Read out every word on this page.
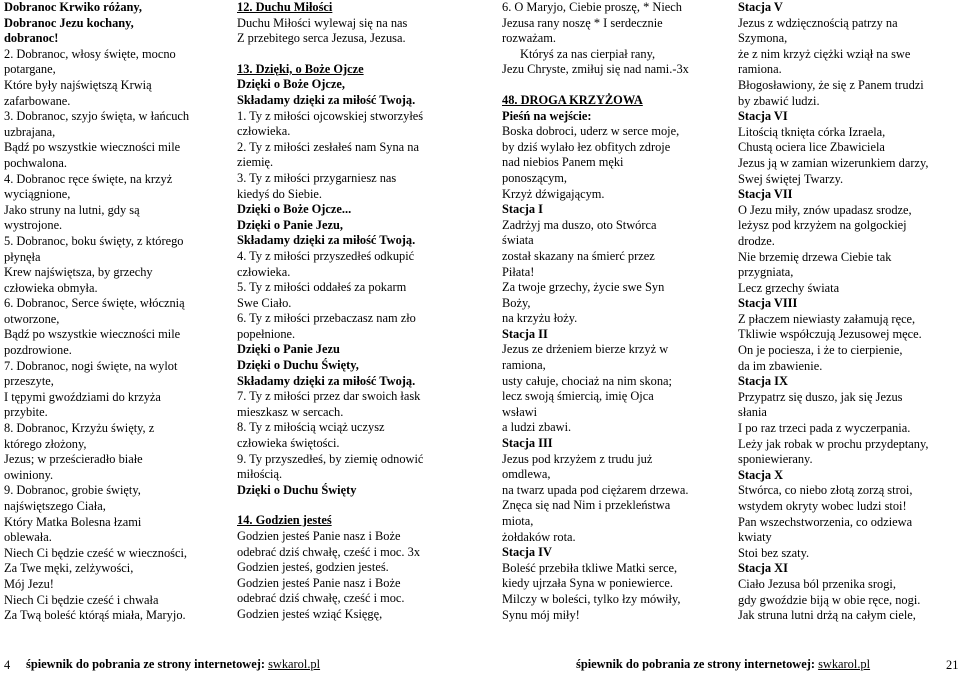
Dobranoc Krwiko różany,
Dobranoc Jezu kochany,
dobranoc!
2. Dobranoc, włosy święte, mocno
potargane,
Które były najświętszą Krwią
zafarbowane.
3. Dobranoc, szyjo święta, w łańcuch
uzbrajana,
Bądź po wszystkie wieczności mile
pochwalona.
4. Dobranoc ręce święte, na krzyż
wyciągnione,
Jako struny na lutni, gdy są
wystrojone.
5. Dobranoc, boku święty, z którego
płynęła
Krew najświętsza, by grzechy
człowieka obmyła.
6. Dobranoc, Serce święte, włócznią
otworzone,
Bądź po wszystkie wieczności mile
pozdrowione.
7. Dobranoc, nogi święte, na wylot
przeszyte,
I tępymi gwoździami do krzyża
przybite.
8. Dobranoc, Krzyżu święty, z
którego złożony,
Jezus; w prześcieradło białe
owiniony.
9. Dobranoc, grobie święty,
najświętszego Ciała,
Który Matka Bolesna łzami
oblewała.
Niech Ci będzie cześć w wieczności,
Za Twe męki, zelżywości,
Mój Jezu!
Niech Ci będzie cześć i chwała
Za Twą boleść którąś miała, Maryjo.
12. Duchu Miłości
Duchu Miłości wylewaj się na nas
Z przebitego serca Jezusa, Jezusa.
13. Dzięki, o Boże Ojcze
Dzięki o Boże Ojcze,
Składamy dzięki za miłość Twoją.
1. Ty z miłości ojcowskiej stworzyłeś
człowieka.
2. Ty z miłości zesłałeś nam Syna na
ziemię.
3. Ty z miłości przygarniesz nas
kiedyś do Siebie.
Dzięki o Boże Ojcze...
Dzięki o Panie Jezu,
Składamy dzięki za miłość Twoją.
4. Ty z miłości przyszedłeś odkupić
człowieka.
5. Ty z miłości oddałeś za pokarm
Swe Ciało.
6. Ty z miłości przebaczasz nam zło
popełnione.
Dzięki o Panie Jezu
Dzięki o Duchu Święty,
Składamy dzięki za miłość Twoją.
7. Ty z miłości przez dar swoich łask
mieszkasz w sercach.
8. Ty z miłością wciąż uczysz
człowieka świętości.
9. Ty przyszedłeś, by ziemię odnowić
miłością.
Dzięki o Duchu Święty
14. Godzien jesteś
Godzien jesteś Panie nasz i Boże
odebrać dziś chwałę, cześć i moc. 3x
Godzien jesteś, godzien jesteś.
Godzien jesteś Panie nasz i Boże
odebrać dziś chwałę, cześć i moc.
Godzien jesteś wziąć Księgę,
6. O Maryjo, Ciebie proszę, * Niech
Jezusa rany noszę * I serdecznie
rozważam.
Któryś za nas cierpiał rany,
Jezu Chryste, zmiłuj się nad nami.-3x
48. DROGA KRZYŻOWA
Pieśń na wejście:
Boska dobroci, uderz w serce moje,
by dziś wylało łez obfitych zdroje
nad niebios Panem męki
ponoszącym,
Krzyż dźwigającym.
Stacja I
Zadrżyj ma duszo, oto Stwórca
świata
został skazany na śmierć przez
Piłata!
Za twoje grzechy, życie swe Syn
Boży,
na krzyżu łoży.
Stacja II
Jezus ze drżeniem bierze krzyż w
ramiona,
usty całuje, chociaż na nim skona;
lecz swoją śmiercią, imię Ojca
wsławi
a ludzi zbawi.
Stacja III
Jezus pod krzyżem z trudu już
omdlewa,
na twarz upada pod ciężarem drzewa.
Znęca się nad Nim i przekleństwa
miota,
żołdaków rota.
Stacja IV
Boleść przebiła tkliwe Matki serce,
kiedy ujrzała Syna w poniewierce.
Milczy w boleści, tylko łzy mówiły,
Synu mój miły!
Stacja V
Jezus z wdzięcznością patrzy na
Szymona,
że z nim krzyż ciężki wziął na swe
ramiona.
Błogosławiony, że się z Panem trudzi
by zbawić ludzi.
Stacja VI
Litością tknięta córka Izraela,
Chustą ociera lice Zbawiciela
Jezus ją w zamian wizerunkiem darzy,
Swej świętej Twarzy.
Stacja VII
O Jezu miły, znów upadasz srodze,
leżysz pod krzyżem na golgockiej
drodze.
Nie brzemię drzewa Ciebie tak
przygniata,
Lecz grzechy świata
Stacja VIII
Z płaczem niewiasty załamują ręce,
Tkliwie współczują Jezusowej męce.
On je pociesza, i że to cierpienie,
da im zbawienie.
Stacja IX
Przypatrz się duszo, jak się Jezus
słania
I po raz trzeci pada z wyczerpania.
Leży jak robak w prochu przydeptany,
sponiewierany.
Stacja X
Stwórca, co niebo złotą zorzą stroi,
wstydem okryty wobec ludzi stoi!
Pan wszechstworzenia, co odziewa
kwiaty
Stoi bez szaty.
Stacja XI
Ciało Jezusa ból przenika srogi,
gdy gwoździe biją w obie ręce, nogi.
Jak struna lutni drżą na całym ciele,
4 śpiewnik do pobrania ze strony internetowej: swkarol.pl	śpiewnik do pobrania ze strony internetowej: swkarol.pl	21
